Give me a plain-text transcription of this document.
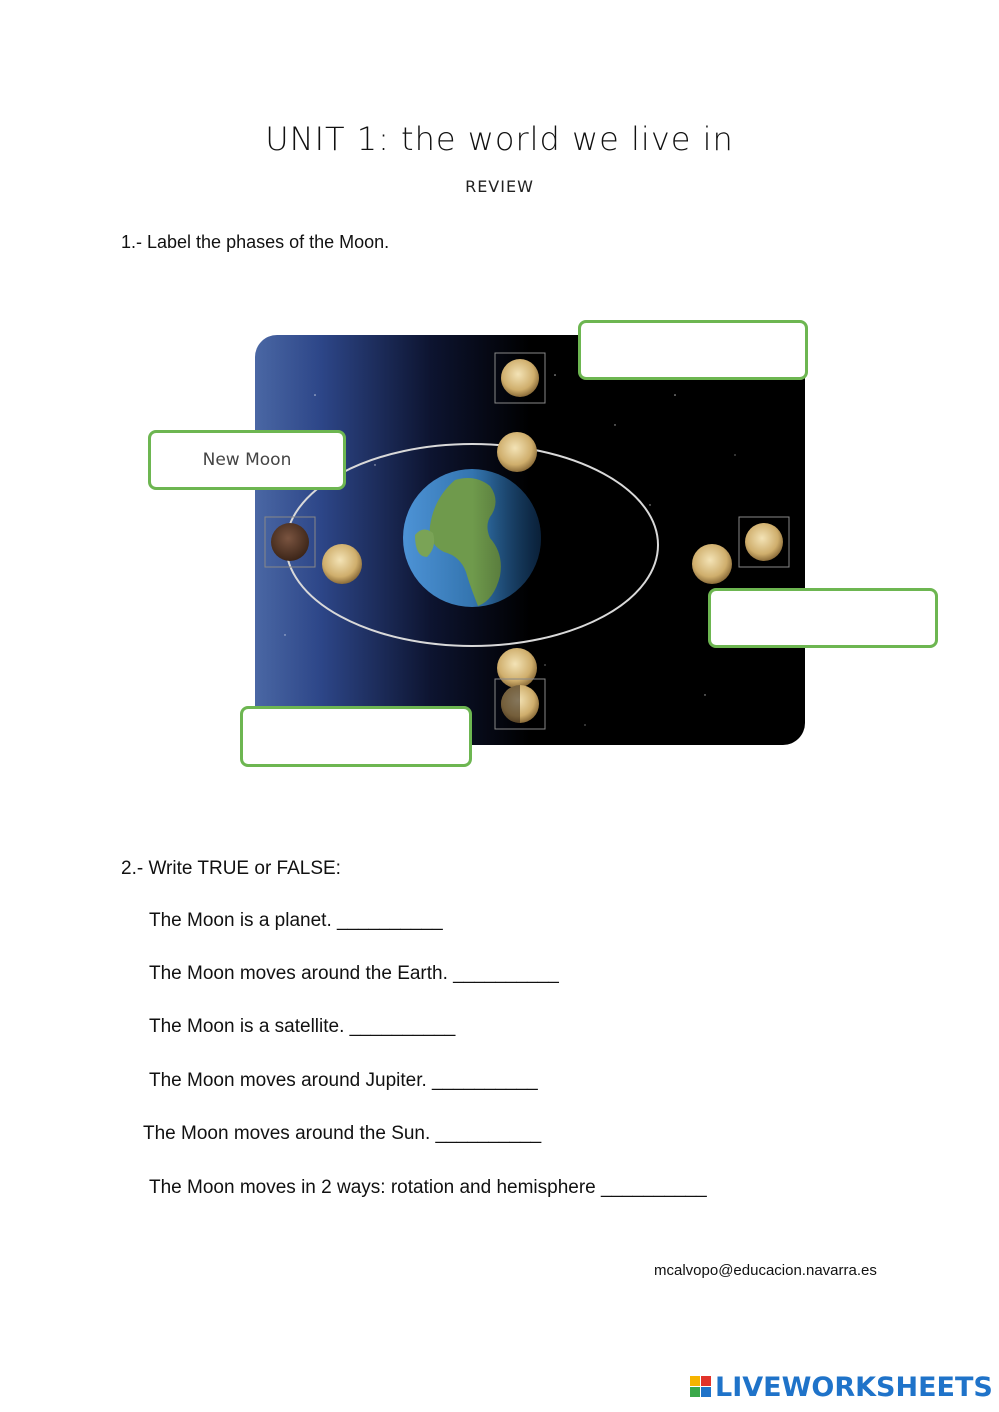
UNIT 1: the world we live in
REVIEW
1.- Label the phases of the Moon.
New Moon
2.- Write TRUE or FALSE:
The Moon is a planet. __________
The Moon moves around the Earth. __________
The Moon is a satellite. __________
The Moon moves around Jupiter. __________
The Moon moves around the Sun. __________
The Moon moves in 2 ways: rotation and hemisphere __________
mcalvopo@educacion.navarra.es
LIVEWORKSHEETS
